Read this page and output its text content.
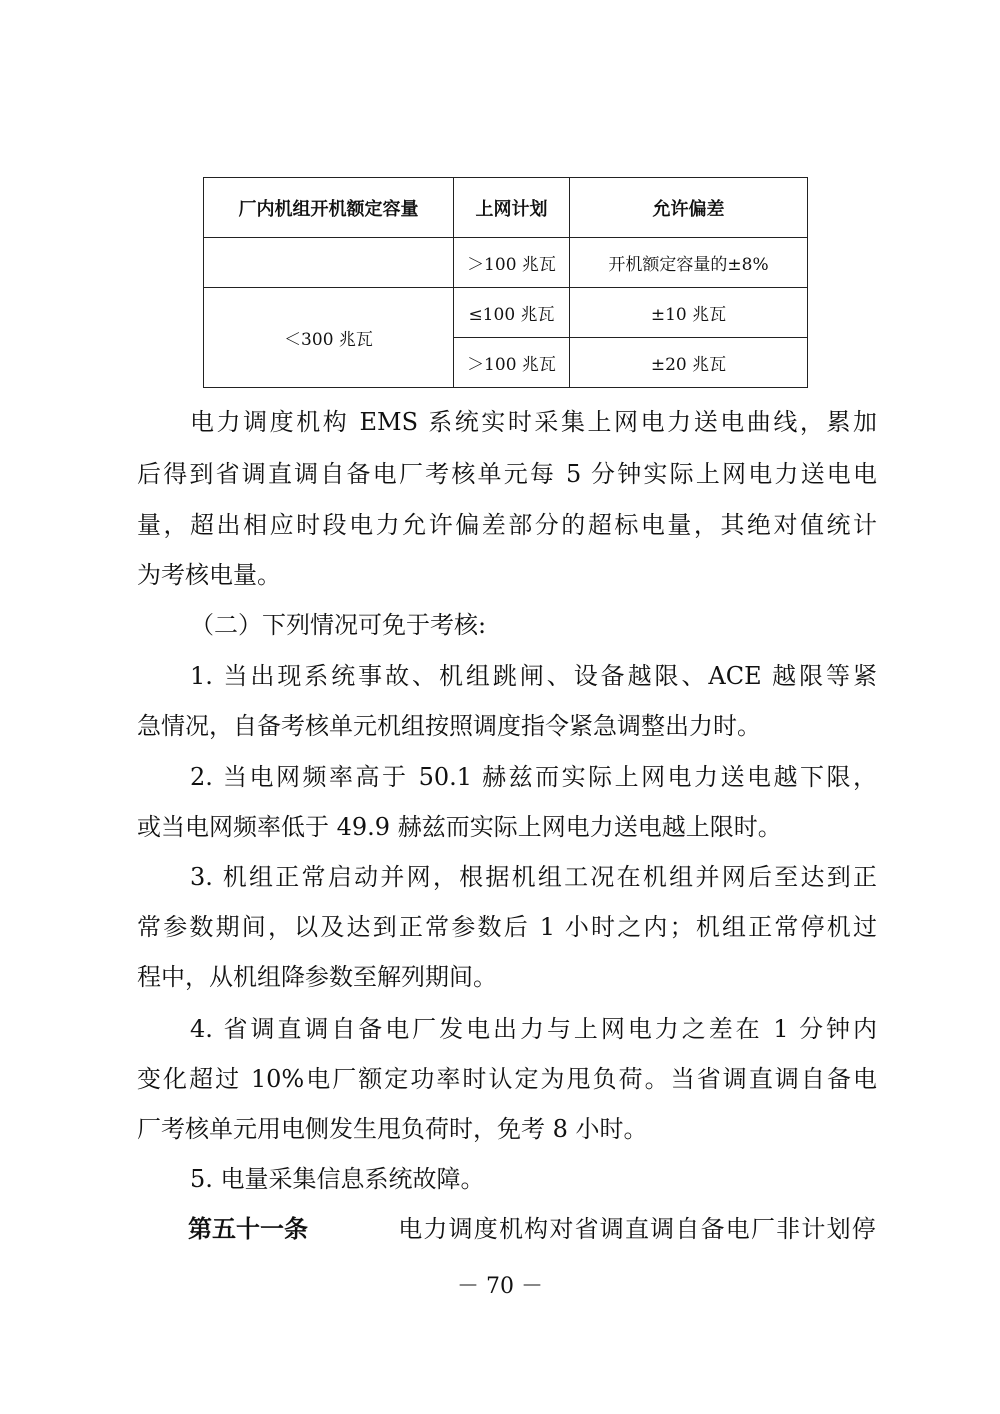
厂内机组开机额定容量	上网计划	允许偏差
	＞100 兆瓦	开机额定容量的±8%
＜300 兆瓦	≤100 兆瓦	±10 兆瓦
	＞100 兆瓦	±20 兆瓦

电力调度机构 EMS 系统实时采集上网电力送电曲线，累加

后得到省调直调自备电厂考核单元每 5 分钟实际上网电力送电电

量，超出相应时段电力允许偏差部分的超标电量，其绝对值统计

为考核电量。

（二）下列情况可免于考核:

1. 当出现系统事故、机组跳闸、设备越限、ACE 越限等紧

急情况，自备考核单元机组按照调度指令紧急调整出力时。

2. 当电网频率高于 50.1 赫兹而实际上网电力送电越下限，

或当电网频率低于 49.9 赫兹而实际上网电力送电越上限时。

3. 机组正常启动并网，根据机组工况在机组并网后至达到正

常参数期间，以及达到正常参数后 1 小时之内；机组正常停机过

程中，从机组降参数至解列期间。

4. 省调直调自备电厂发电出力与上网电力之差在 1 分钟内

变化超过 10%电厂额定功率时认定为甩负荷。当省调直调自备电

厂考核单元用电侧发生甩负荷时，免考 8 小时。

5. 电量采集信息系统故障。

第五十一条	电力调度机构对省调直调自备电厂非计划停

－ 70 －
